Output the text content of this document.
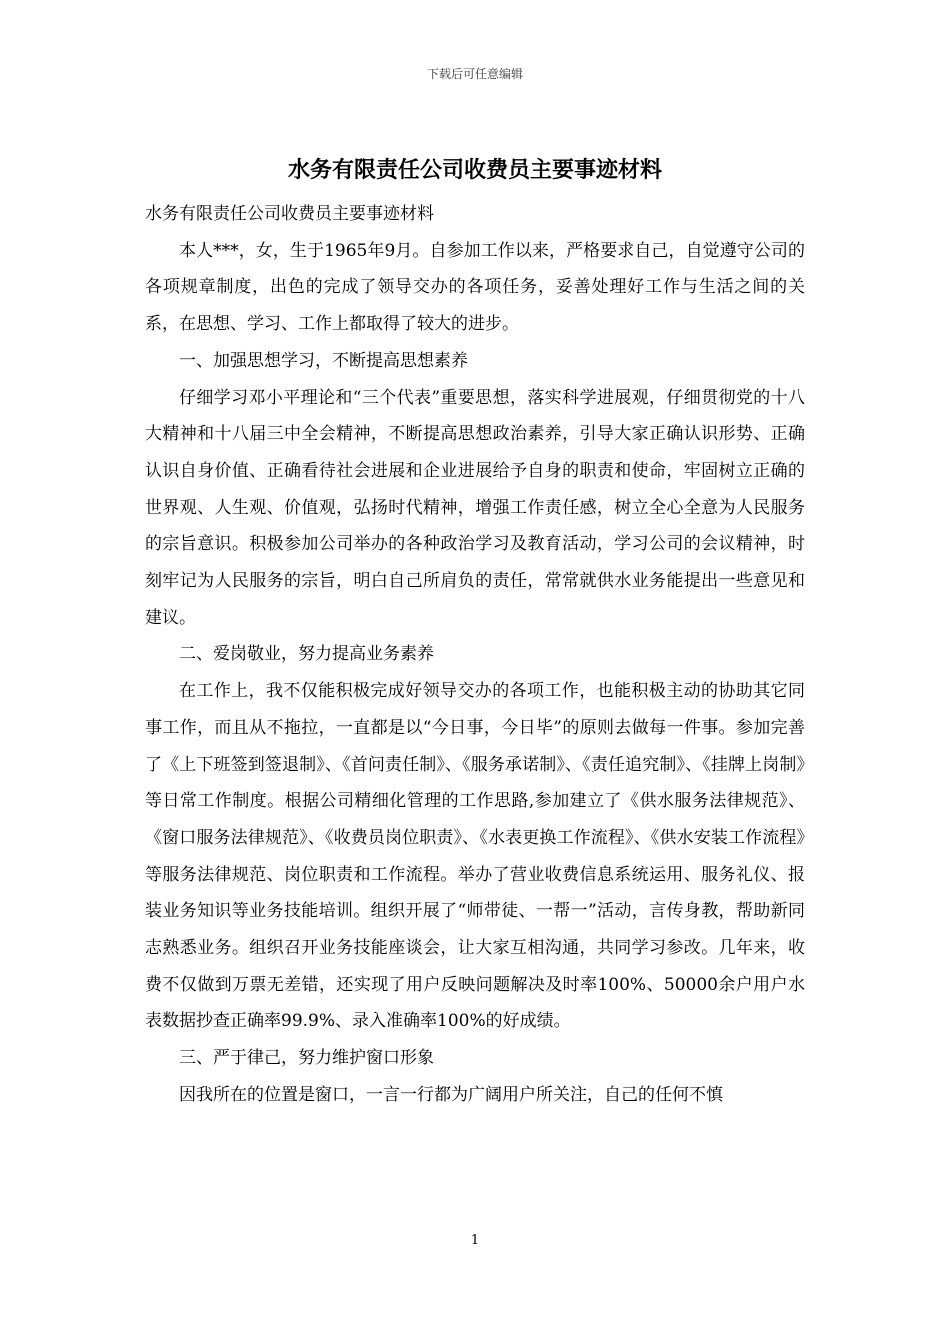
下载后可任意编辑
水务有限责任公司收费员主要事迹材料

水务有限责任公司收费员主要事迹材料

本人***，女，生于1965年9月。自参加工作以来，严格要求自己，自觉遵守公司的各项规章制度，出色的完成了领导交办的各项任务，妥善处理好工作与生活之间的关系，在思想、学习、工作上都取得了较大的进步。

一、加强思想学习，不断提高思想素养

仔细学习邓小平理论和“三个代表”重要思想，落实科学进展观，仔细贯彻党的十八大精神和十八届三中全会精神，不断提高思想政治素养，引导大家正确认识形势、正确认识自身价值、正确看待社会进展和企业进展给予自身的职责和使命，牢固树立正确的世界观、人生观、价值观，弘扬时代精神，增强工作责任感，树立全心全意为人民服务的宗旨意识。积极参加公司举办的各种政治学习及教育活动，学习公司的会议精神，时刻牢记为人民服务的宗旨，明白自己所肩负的责任，常常就供水业务能提出一些意见和建议。

二、爱岗敬业，努力提高业务素养

在工作上，我不仅能积极完成好领导交办的各项工作，也能积极主动的协助其它同事工作，而且从不拖拉，一直都是以“今日事，今日毕”的原则去做每一件事。参加完善了《上下班签到签退制》、《首问责任制》、《服务承诺制》、《责任追究制》、《挂牌上岗制》等日常工作制度。根据公司精细化管理的工作思路,参加建立了《供水服务法律规范》、《窗口服务法律规范》、《收费员岗位职责》、《水表更换工作流程》、《供水安装工作流程》等服务法律规范、岗位职责和工作流程。举办了营业收费信息系统运用、服务礼仪、报装业务知识等业务技能培训。组织开展了“师带徒、一帮一”活动，言传身教，帮助新同志熟悉业务。组织召开业务技能座谈会，让大家互相沟通，共同学习参改。几年来，收费不仅做到万票无差错，还实现了用户反映问题解决及时率100%、50000余户用户水表数据抄查正确率99.9%、录入准确率100%的好成绩。

三、严于律己，努力维护窗口形象

因我所在的位置是窗口，一言一行都为广阔用户所关注，自己的任何不慎

1
